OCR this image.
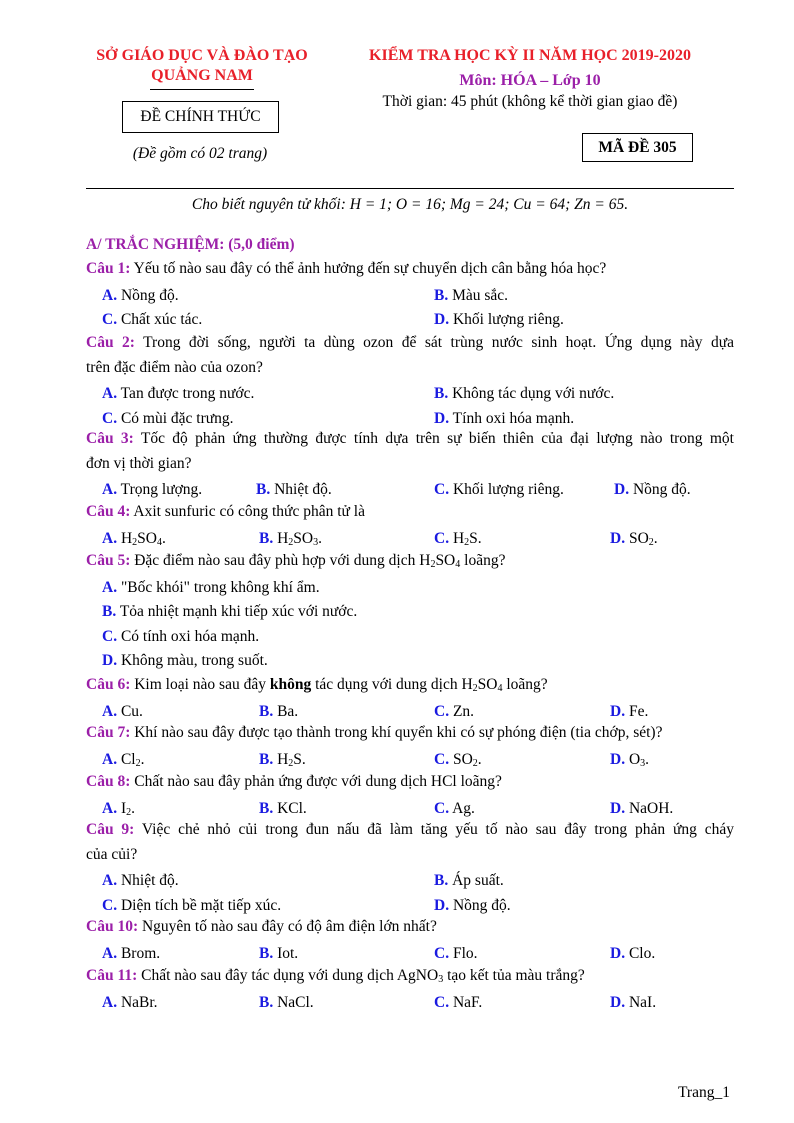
SỞ GIÁO DỤC VÀ ĐÀO TẠO
QUẢNG NAM
ĐỀ CHÍNH THỨC
(Đề gồm có 02 trang)
KIỂM TRA HỌC KỲ II NĂM HỌC 2019-2020
Môn: HÓA – Lớp 10
Thời gian: 45 phút (không kể thời gian giao đề)
MÃ ĐỀ 305
Cho biết nguyên tử khối: H = 1; O = 16; Mg = 24; Cu = 64; Zn = 65.
A/ TRẮC NGHIỆM: (5,0 điểm)
Câu 1: Yếu tố nào sau đây có thể ảnh hưởng đến sự chuyển dịch cân bằng hóa học?
A. Nồng độ.	B. Màu sắc.
C. Chất xúc tác.	D. Khối lượng riêng.
Câu 2: Trong đời sống, người ta dùng ozon để sát trùng nước sinh hoạt. Ứng dụng này dựa
trên đặc điểm nào của ozon?
A. Tan được trong nước.	B. Không tác dụng với nước.
C. Có mùi đặc trưng.	D. Tính oxi hóa mạnh.
Câu 3: Tốc độ phản ứng thường được tính dựa trên sự biến thiên của đại lượng nào trong một
đơn vị thời gian?
A. Trọng lượng.	B. Nhiệt độ.	C. Khối lượng riêng.	D. Nồng độ.
Câu 4: Axit sunfuric có công thức phân tử là
A. $H_2SO_4$.	B. $H_2SO_3$.	C. $H_2S$.	D. $SO_2$.
Câu 5: Đặc điểm nào sau đây phù hợp với dung dịch $H_2SO_4$ loãng?
A. "Bốc khói" trong không khí ẩm.
B. Tỏa nhiệt mạnh khi tiếp xúc với nước.
C. Có tính oxi hóa mạnh.
D. Không màu, trong suốt.
Câu 6: Kim loại nào sau đây không tác dụng với dung dịch $H_2SO_4$ loãng?
A. Cu.	B. Ba.	C. Zn.	D. Fe.
Câu 7: Khí nào sau đây được tạo thành trong khí quyển khi có sự phóng điện (tia chớp, sét)?
A. $Cl_2$.	B. $H_2S$.	C. $SO_2$.	D. $O_3$.
Câu 8: Chất nào sau đây phản ứng được với dung dịch HCl loãng?
A. $I_2$.	B. KCl.	C. Ag.	D. NaOH.
Câu 9: Việc chẻ nhỏ củi trong đun nấu đã làm tăng yếu tố nào sau đây trong phản ứng cháy
của củi?
A. Nhiệt độ.	B. Áp suất.
C. Diện tích bề mặt tiếp xúc.	D. Nồng độ.
Câu 10: Nguyên tố nào sau đây có độ âm điện lớn nhất?
A. Brom.	B. Iot.	C. Flo.	D. Clo.
Câu 11: Chất nào sau đây tác dụng với dung dịch AgNO$_3$ tạo kết tủa màu trắng?
A. NaBr.	B. NaCl.	C. NaF.	D. NaI.
Trang_1
